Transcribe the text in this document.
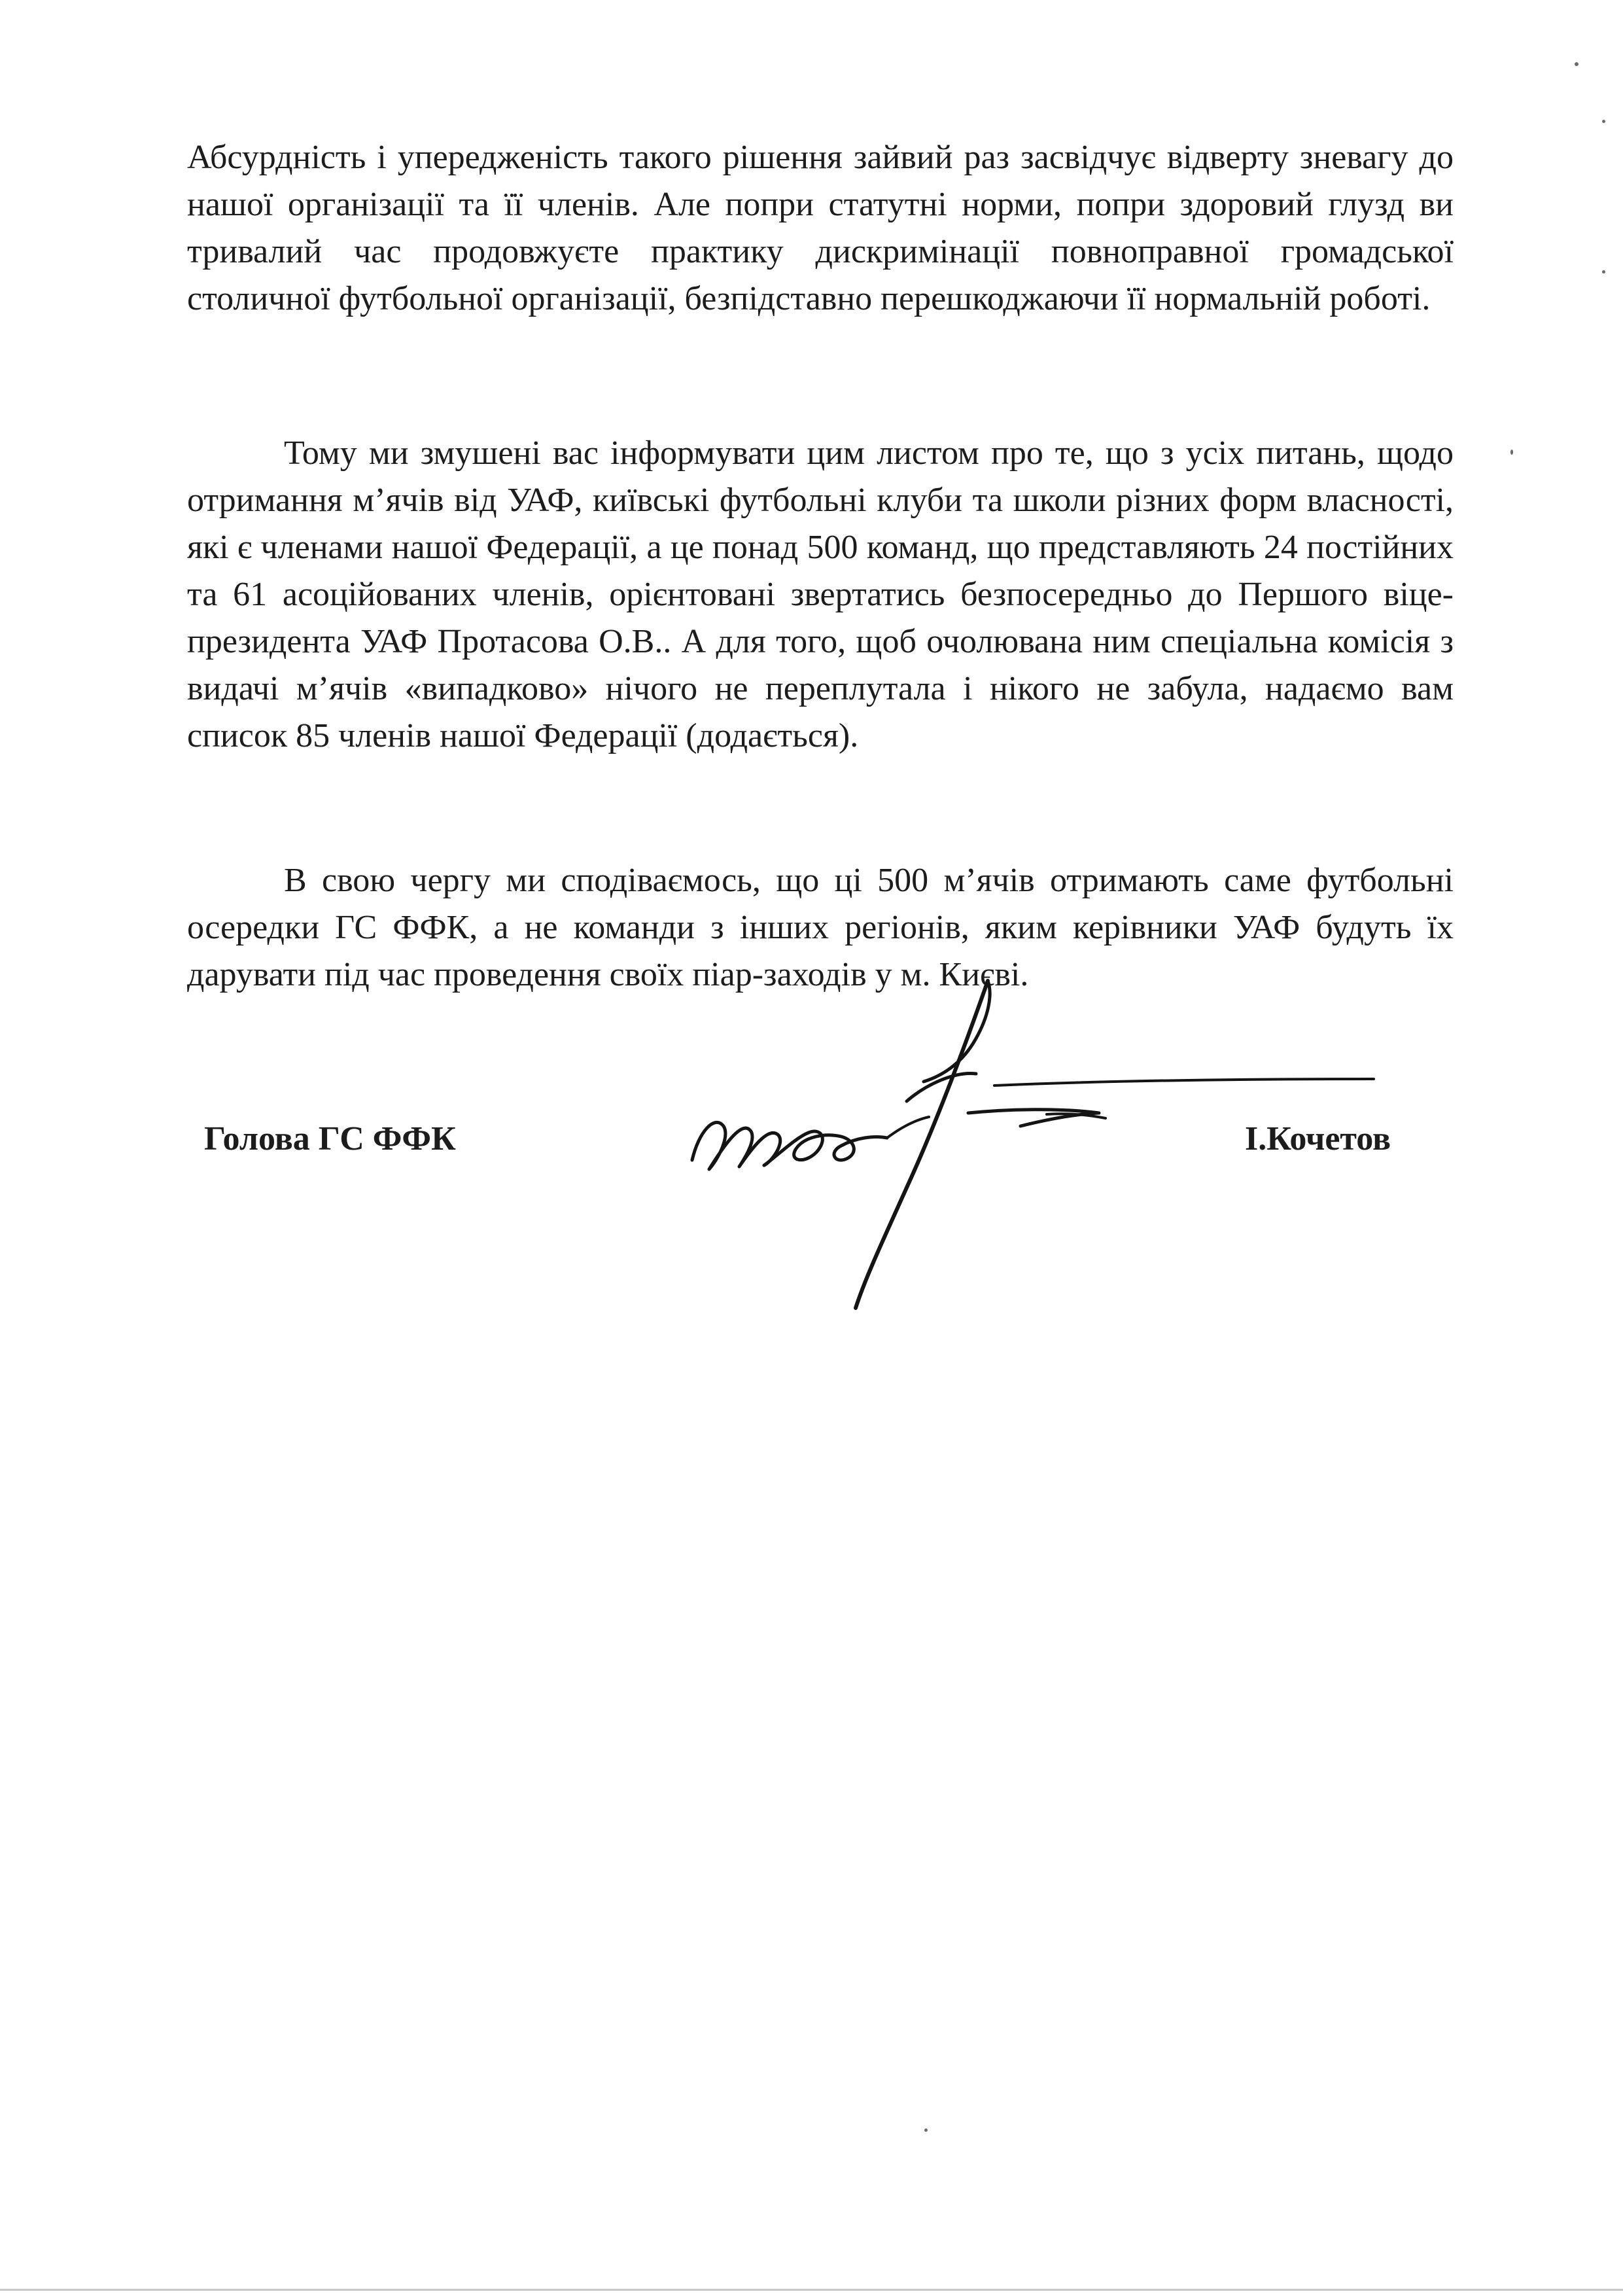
Абсурдність і упередженість такого рішення зайвий раз засвідчує відверту зневагу до нашої організації та її членів. Але попри статутні норми, попри здоровий глузд ви тривалий час продовжуєте практику дискримінації повноправної громадської столичної футбольної організації, безпідставно перешкоджаючи її нормальній роботі.

Тому ми змушені вас інформувати цим листом про те, що з усіх питань, щодо отримання м’ячів від УАФ, київські футбольні клуби та школи різних форм власності, які є членами нашої Федерації, а це понад 500 команд, що представляють 24 постійних та 61 асоційованих членів, орієнтовані звертатись безпосередньо до Першого віце-президента УАФ Протасова О.В.. А для того, щоб очолювана ним спеціальна комісія з видачі м’ячів «випадково» нічого не переплутала і нікого не забула, надаємо вам список 85 членів нашої Федерації (додається).

В свою чергу ми сподіваємось, що ці 500 м’ячів отримають саме футбольні осередки ГС ФФК, а не команди з інших регіонів, яким керівники УАФ будуть їх дарувати під час проведення своїх піар-заходів у м. Києві.

Голова ГС ФФК	І.Кочетов
